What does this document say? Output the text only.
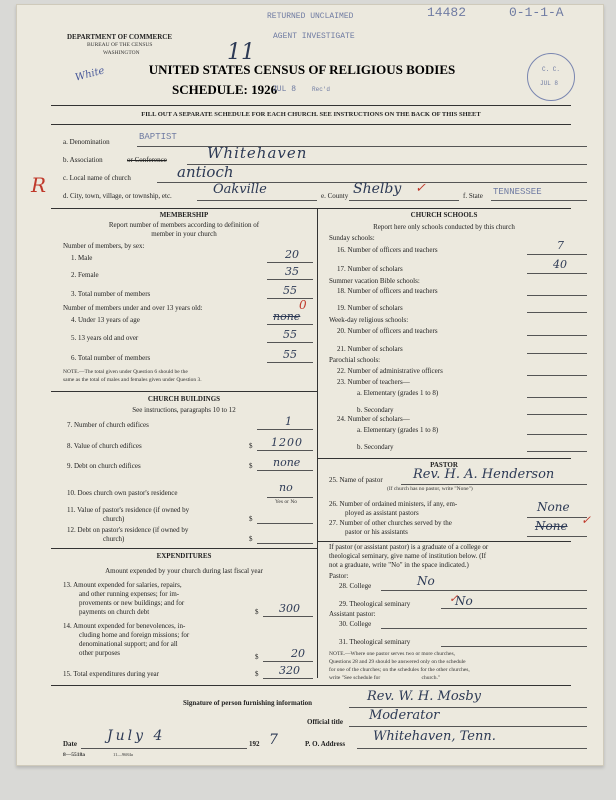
DEPARTMENT OF COMMERCE
BUREAU OF THE CENSUS
WASHINGTON	11
White
RETURNED UNCLAIMED
AGENT INVESTIGATE
14482	0-1-1-A
UNITED STATES CENSUS OF RELIGIOUS BODIES
SCHEDULE: 1926
JUL 8	Rec'd
C. C.
JUL 8
FILL OUT A SEPARATE SCHEDULE FOR EACH CHURCH. SEE INSTRUCTIONS ON THE BACK OF THIS SHEET
R
a. Denomination	BAPTIST
b. Association	or Conference	Whitehaven
c. Local name of church	antioch
d. City, town, village, or township, etc.	Oakville	e. County Shelby ✓	f. State TENNESSEE
MEMBERSHIP
Report number of members according to definition of
member in your church
Number of members, by sex:
1. Male	20
2. Female	35
3. Total number of members	55
Number of members under and over 13 years old:
4. Under 13 years of age	none
0
5. 13 years old and over	55
6. Total number of members	55
NOTE.—The total given under Question 6 should be the
same as the total of males and females given under Question 3.
CHURCH BUILDINGS
See instructions, paragraphs 10 to 12
7. Number of church edifices	1
8. Value of church edifices	$ 1200
9. Debt on church edifices	$ none
10. Does church own pastor's residence	no
Yes or No
11. Value of pastor's residence (if owned by
church)	$
12. Debt on pastor's residence (if owned by
church)	$
EXPENDITURES
Amount expended by your church during last fiscal year
13. Amount expended for salaries, repairs,
and other running expenses; for im-
provements or new buildings; and for
payments on church debt	$ 300
14. Amount expended for benevolences, in-
cluding home and foreign missions; for
denominational support; and for all
other purposes	$	20
15. Total expenditures during year	$ 320
CHURCH SCHOOLS
Report here only schools conducted by this church
Sunday schools:
16. Number of officers and teachers	7
17. Number of scholars	40
Summer vacation Bible schools:
18. Number of officers and teachers
19. Number of scholars
Week-day religious schools:
20. Number of officers and teachers
21. Number of scholars
Parochial schools:
22. Number of administrative officers
23. Number of teachers—
a. Elementary (grades 1 to 8)
b. Secondary
24. Number of scholars—
a. Elementary (grades 1 to 8)
b. Secondary
PASTOR
25. Name of pastor Rev. H. A. Henderson
(If church has no pastor, write "None")
26. Number of ordained ministers, if any, em-
ployed as assistant pastors	None
27. Number of other churches served by the
pastor or his assistants	None ✓
If pastor (or assistant pastor) is a graduate of a college or
theological seminary, give name of institution below. (If
not a graduate, write "No" in the space indicated.)
Pastor:
28. College	No
29. Theological seminary	No
✓
Assistant pastor:
30. College
31. Theological seminary
NOTE.—Where one pastor serves two or more churches,
Questions 28 and 29 should be answered only on the schedule
for one of the churches; on the schedules for the other churches,
write "See schedule for                              church."
Signature of person furnishing information	Rev. W. H. Mosby
Official title Moderator
Date July 4	192 7	P. O. Address Whitehaven, Tenn.
8—5518a	11—9684a
